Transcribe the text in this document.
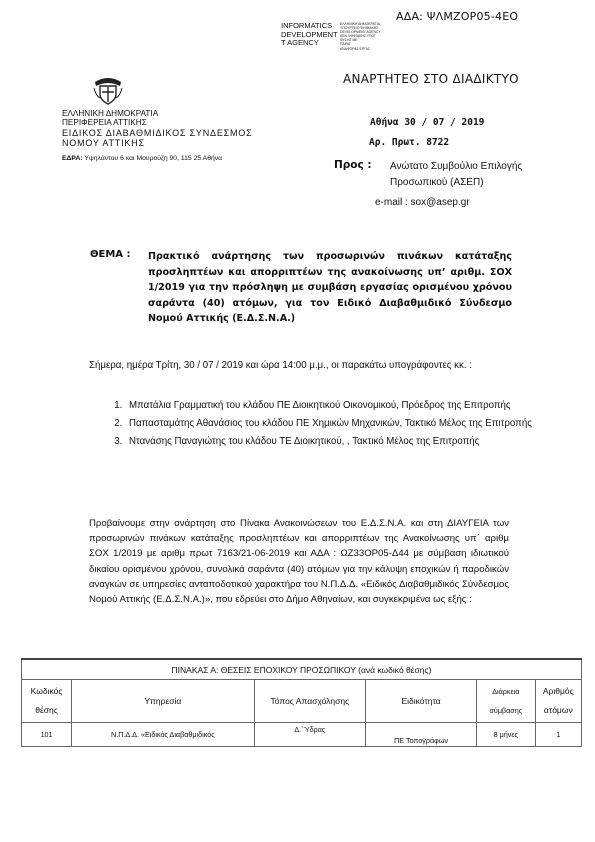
ΑΔΑ: ΨΛΜΖΟΡ05-4ΕΟ
INFORMATICS
DEVELOPMENT
T AGENCY
ΕΛΛΗΝΙΚΗ ΔΗΜΟΚΡΑΤΙΑ
ΥΠΟΥΡΓΕΙΟ ΨΗΦΙΑΚΗΣ
DEVELOPMENT AGENCY
ΚΕΝ ΨΗΦΙΑΚΗΣ ΥΠΟΓ
ΦΥΣΗΣ ΜΕ
ΠΑΡΑΓ
ΑΝΑΦΟΡΑΣ ΕΡΓΑΣ
ΑΝΑΡΤΗΤΕΟ ΣΤΟ ΔΙΑΔΙΚΤΥΟ
ΕΛΛΗΝΙΚΗ ΔΗΜΟΚΡΑΤΙΑ
ΠΕΡΙΦΕΡΕΙΑ ΑΤΤΙΚΗΣ
ΕΙΔΙΚΟΣ ΔΙΑΒΑΘΜΙΔΙΚΟΣ ΣΥΝΔΕΣΜΟΣ
ΝΟΜΟΥ ΑΤΤΙΚΗΣ
ΕΔΡΑ: Υψηλάντου 6 και Μουρούζη 90, 115 25 Αθήνα
Αθήνα 30 / 07 / 2019
Αρ. Πρωτ. 8722
Προς : Ανώτατο Συμβούλιο Επιλογής
Προσωπικού (ΑΣΕΠ)
e-mail : sox@asep.gr
ΘΕΜΑ : Πρακτικό ανάρτησης των προσωρινών πινάκων κατάταξης προσληπτέων και απορριπτέων της ανακοίνωσης υπ’ αριθμ. ΣΟΧ 1/2019 για την πρόσληψη με συμβάση εργασίας ορισμένου χρόνου σαράντα (40) ατόμων, για τον Ειδικό Διαβαθμιδικό Σύνδεσμο Νομού Αττικής (Ε.Δ.Σ.Ν.Α.)
Σήμερα, ημέρα Τρίτη, 30 / 07 / 2019 και ώρα 14:00 μ.μ., οι παρακάτω υπογράφοντες κκ. :
1. Μπατάλια Γραμματική του κλάδου ΠΕ Διοικητικού Οικονομικού, Πρόεδρος της Επιτροπής
2. Παπασταμάτης Αθανάσιος του κλάδου ΠΕ Χημικών Μηχανικών, Τακτικό Μέλος της Επιτροπής
3. Ντανάσης Παναγιώτης του κλάδου ΤΕ Διοικητικού, , Τακτικό Μέλος της Επιτροπής
Προβαίνουμε στην ανάρτηση στο Πίνακα Ανακοινώσεων του Ε.Δ.Σ.Ν.Α. και στη ΔΙΑΥΓΕΙΑ των προσωρινών πινάκων κατάταξης προσληπτέων και απορριπτέων της Ανακοίνωσης υπ΄ αριθμ ΣΟΧ 1/2019 με αριθμ πρωτ 7163/21-06-2019 και ΑΔΑ : ΩΖ33ΟΡ05-Δ44 με σύμβαση ιδιωτικού δικαίου ορισμένου χρόνου, συνολικά σαράντα (40) ατόμων για την κάλυψη εποχικών ή παροδικών αναγκών σε υπηρεσίες ανταποδοτικού χαρακτήρα του Ν.Π.Δ.Δ. «Ειδικός Διαβαθμιδικός Σύνδεσμος Νομού Αττικής (Ε.Δ.Σ.Ν.Α.)», που εδρεύει στο Δήμο Αθηναίων, και συγκεκριμένα ως εξής :
ΠΙΝΑΚΑΣ Α: ΘΕΣΕΙΣ ΕΠΟΧΙΚΟΥ ΠΡΟΣΩΠΙΚΟΥ (ανά κωδικό θέσης)					
Κωδικός θέσης	Υπηρεσία	Τόπος Απασχόλησης	Ειδικότητα	Διάρκεια σύμβασης	Αριθμός ατόμων
101	Ν.Π.Δ.Δ. «Ειδικός Διαβαθμιδικός	Δ.΄Ύδρας	ΠΕ Τοπογράφων	8 μήνες	1
